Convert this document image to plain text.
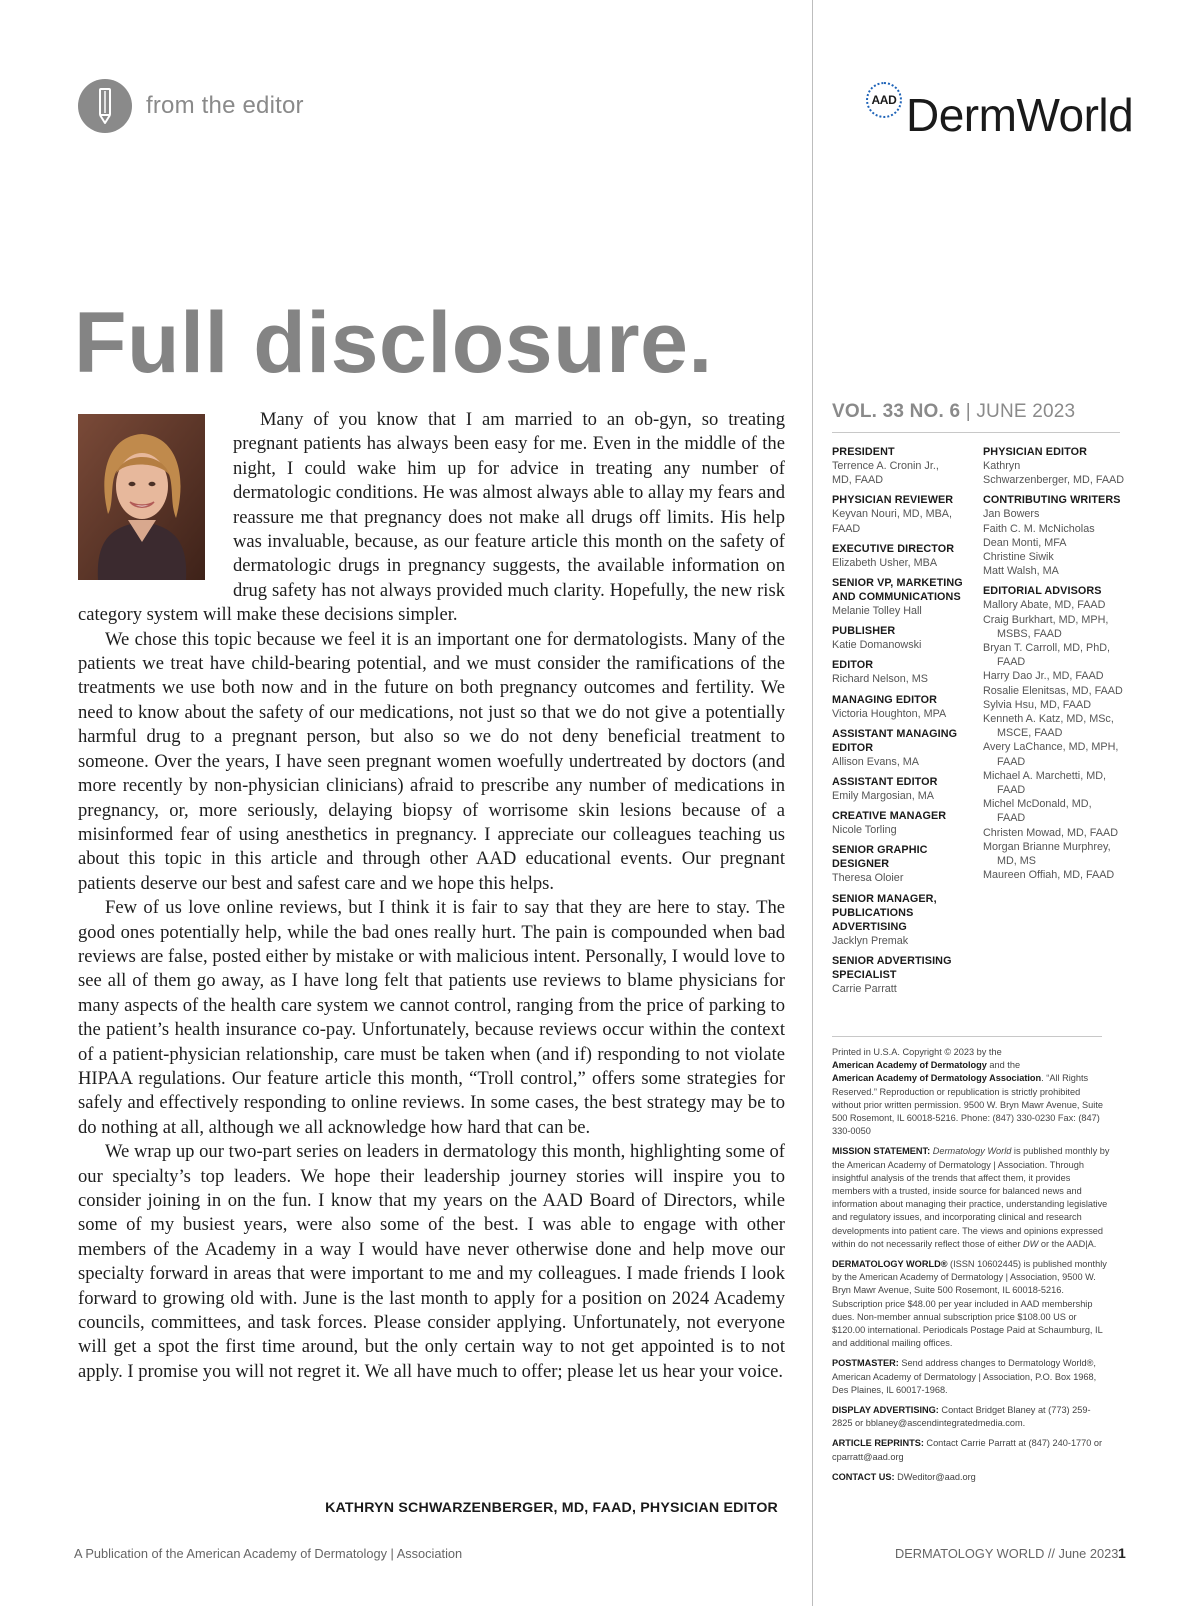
from the editor	AAD DermWorld
Full disclosure.

Many of you know that I am married to an ob-gyn, so treating pregnant patients has always been easy for me. Even in the middle of the night, I could wake him up for advice in treating any number of dermatologic conditions. He was almost always able to allay my fears and reassure me that pregnancy does not make all drugs off limits. His help was invaluable, because, as our feature article this month on the safety of dermatologic drugs in pregnancy suggests, the available information on drug safety has not always provided much clarity. Hopefully, the new risk category system will make these decisions simpler.

We chose this topic because we feel it is an important one for dermatologists. Many of the patients we treat have child-bearing potential, and we must consider the ramifications of the treatments we use both now and in the future on both pregnancy outcomes and fertility. We need to know about the safety of our medications, not just so that we do not give a potentially harmful drug to a pregnant person, but also so we do not deny beneficial treatment to someone. Over the years, I have seen pregnant women woefully undertreated by doctors (and more recently by non-physician clinicians) afraid to prescribe any number of medications in pregnancy, or, more seriously, delaying biopsy of worrisome skin lesions because of a misinformed fear of using anesthetics in pregnancy. I appreciate our colleagues teaching us about this topic in this article and through other AAD educational events. Our pregnant patients deserve our best and safest care and we hope this helps.

Few of us love online reviews, but I think it is fair to say that they are here to stay. The good ones potentially help, while the bad ones really hurt. The pain is compounded when bad reviews are false, posted either by mistake or with malicious intent. Personally, I would love to see all of them go away, as I have long felt that patients use reviews to blame physicians for many aspects of the health care system we cannot control, ranging from the price of parking to the patient’s health insurance co-pay. Unfortunately, because reviews occur within the context of a patient-physician relationship, care must be taken when (and if) responding to not violate HIPAA regulations. Our feature article this month, “Troll control,” offers some strategies for safely and effectively responding to online reviews. In some cases, the best strategy may be to do nothing at all, although we all acknowledge how hard that can be.

We wrap up our two-part series on leaders in dermatology this month, highlighting some of our specialty’s top leaders. We hope their leadership journey stories will inspire you to consider joining in on the fun. I know that my years on the AAD Board of Directors, while some of my busiest years, were also some of the best. I was able to engage with other members of the Academy in a way I would have never otherwise done and help move our specialty forward in areas that were important to me and my colleagues. I made friends I look forward to growing old with. June is the last month to apply for a position on 2024 Academy councils, committees, and task forces. Please consider applying. Unfortunately, not everyone will get a spot the first time around, but the only certain way to not get appointed is to not apply. I promise you will not regret it. We all have much to offer; please let us hear your voice.

KATHRYN SCHWARZENBERGER, MD, FAAD, PHYSICIAN EDITOR
VOL. 33 NO. 6 | JUNE 2023
PRESIDENT
Terrence A. Cronin Jr.,
MD, FAAD
PHYSICIAN REVIEWER
Keyvan Nouri, MD, MBA,
FAAD
EXECUTIVE DIRECTOR
Elizabeth Usher, MBA
SENIOR VP, MARKETING AND COMMUNICATIONS
Melanie Tolley Hall
PUBLISHER
Katie Domanowski
EDITOR
Richard Nelson, MS
MANAGING EDITOR
Victoria Houghton, MPA
ASSISTANT MANAGING EDITOR
Allison Evans, MA
ASSISTANT EDITOR
Emily Margosian, MA
CREATIVE MANAGER
Nicole Torling
SENIOR GRAPHIC DESIGNER
Theresa Oloier
SENIOR MANAGER, PUBLICATIONS ADVERTISING
Jacklyn Premak
SENIOR ADVERTISING SPECIALIST
Carrie Parratt
PHYSICIAN EDITOR
Kathryn
Schwarzenberger, MD, FAAD
CONTRIBUTING WRITERS
Jan Bowers
Faith C. M. McNicholas
Dean Monti, MFA
Christine Siwik
Matt Walsh, MA
EDITORIAL ADVISORS
Mallory Abate, MD, FAAD
Craig Burkhart, MD, MPH,
MSBS, FAAD
Bryan T. Carroll, MD, PhD,
FAAD
Harry Dao Jr., MD, FAAD
Rosalie Elenitsas, MD, FAAD
Sylvia Hsu, MD, FAAD
Kenneth A. Katz, MD, MSc,
MSCE, FAAD
Avery LaChance, MD, MPH,
FAAD
Michael A. Marchetti, MD,
FAAD
Michel McDonald, MD,
FAAD
Christen Mowad, MD, FAAD
Morgan Brianne Murphrey,
MD, MS
Maureen Offiah, MD, FAAD

Printed in U.S.A. Copyright © 2023 by the
American Academy of Dermatology and the
American Academy of Dermatology Association. “All Rights Reserved.” Reproduction or republication is strictly prohibited without prior written permission. 9500 W. Bryn Mawr Avenue, Suite 500 Rosemont, IL 60018-5216. Phone: (847) 330-0230 Fax: (847) 330-0050

MISSION STATEMENT: Dermatology World is published monthly by the American Academy of Dermatology | Association. Through insightful analysis of the trends that affect them, it provides members with a trusted, inside source for balanced news and information about managing their practice, understanding legislative and regulatory issues, and incorporating clinical and research developments into patient care. The views and opinions expressed within do not necessarily reflect those of either DW or the AAD|A.

DERMATOLOGY WORLD® (ISSN 10602445) is published monthly by the American Academy of Dermatology | Association, 9500 W. Bryn Mawr Avenue, Suite 500 Rosemont, IL 60018-5216. Subscription price $48.00 per year included in AAD membership dues. Non-member annual subscription price $108.00 US or $120.00 international. Periodicals Postage Paid at Schaumburg, IL and additional mailing offices.

POSTMASTER: Send address changes to Dermatology World®, American Academy of Dermatology | Association, P.O. Box 1968, Des Plaines, IL 60017-1968.

DISPLAY ADVERTISING: Contact Bridget Blaney at (773) 259-2825 or bblaney@ascendintegratedmedia.com.

ARTICLE REPRINTS: Contact Carrie Parratt at (847) 240-1770 or cparratt@aad.org

CONTACT US: DWeditor@aad.org

A Publication of the American Academy of Dermatology | Association	DERMATOLOGY WORLD // June 2023 1
